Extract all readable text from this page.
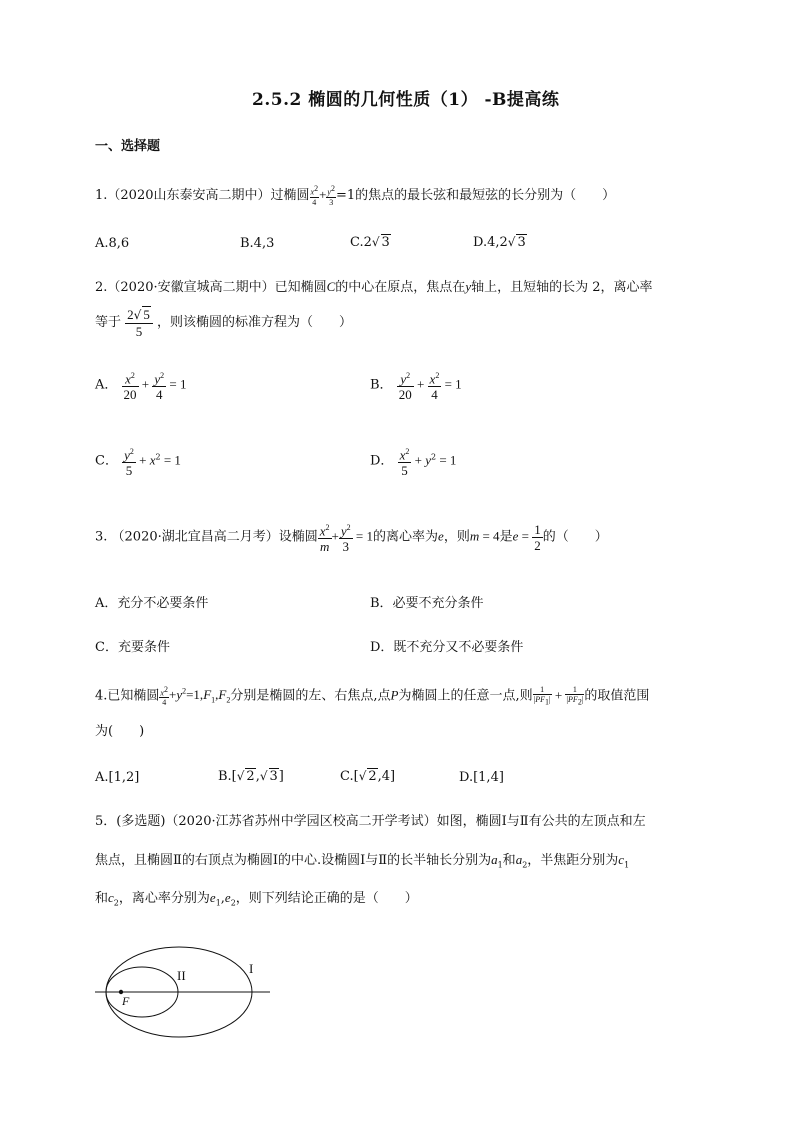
2.5.2 椭圆的几何性质（1） -B提高练
一、选择题
1.（2020山东泰安高二期中）过椭圆 $\frac{x^2}{4} + \frac{y^2}{3} =1$的焦点的最长弦和最短弦的长分别为（　　）
A.8,6	B.4,3	C.2√ 3	D.4,2√ 3
2.（2020·安徽宣城高二期中）已知椭圆C的中心在原点，焦点在y轴上，且短轴的长为 2，离心率
等于 $\frac{2√ 5}{5}$ ，则该椭圆的标准方程为（　　）
A． $\frac{x^2}{20} + \frac{y^2}{4} = 1$	B． $\frac{y^2}{20} + \frac{x^2}{4} = 1$
C． $\frac{y^2}{5} + x^2 = 1$	D． $\frac{x^2}{5} + y^2 = 1$
3. （2020·湖北宜昌高二月考）设椭圆 $\frac{x^2}{m} + \frac{y^2}{3} = 1$的离心率为e，则m = 4是$e = \frac{1}{2}$ 的（　　）
A．充分不必要条件	B．必要不充分条件
C．充要条件	D．既不充分又不必要条件
4.已知椭圆 $\frac{x^2}{4} +y^2=1,F_1,F_2$分别是椭圆的左、右焦点,点P为椭圆上的任意一点,则 $\frac{1}{|PF_1|} + \frac{1}{|PF_2|}$ 的取值范围
为(　　)
A.[1,2]	B.[√ 2,√ 3]	C.[√ 2,4]	D.[1,4]
5．(多选题)（2020·江苏省苏州中学园区校高二开学考试）如图，椭圆Ⅰ与Ⅱ有公共的左顶点和左
焦点，且椭圆Ⅱ的右顶点为椭圆Ⅰ的中心.设椭圆Ⅰ与Ⅱ的长半轴长分别为$a_1$和$a_2$，半焦距分别为$c_1$
和$c_2$，离心率分别为$e_1,e_2$，则下列结论正确的是（　　）
I
II
F
